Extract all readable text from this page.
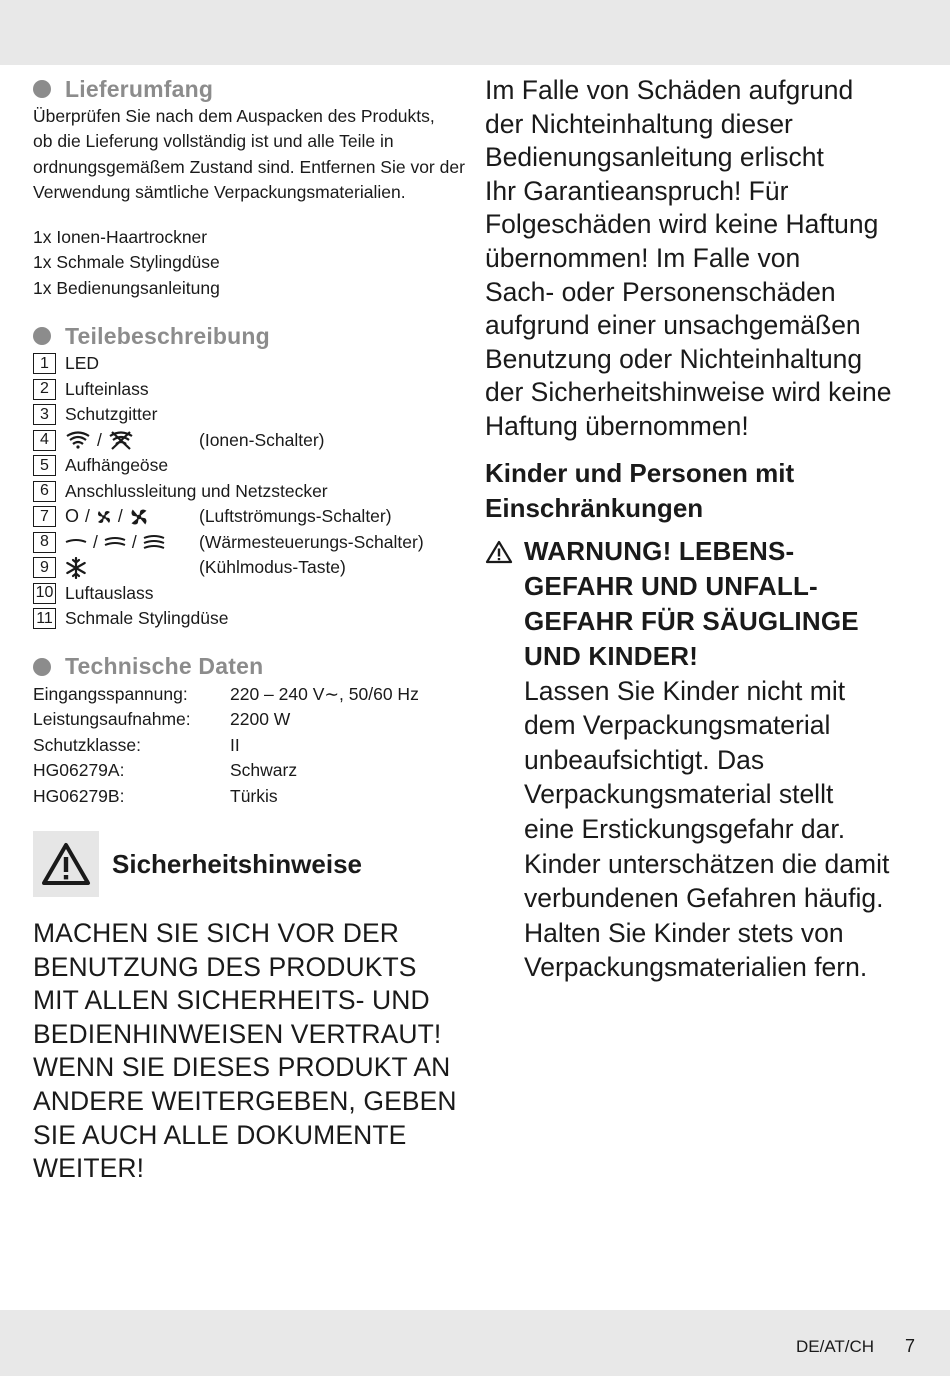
Lieferumfang
Überprüfen Sie nach dem Auspacken des Produkts,
ob die Lieferung vollständig ist und alle Teile in
ordnungsgemäßem Zustand sind. Entfernen Sie vor der
Verwendung sämtliche Verpackungsmaterialien.
1x Ionen-Haartrockner
1x Schmale Stylingdüse
1x Bedienungsanleitung
Teilebeschreibung
1 LED
2 Lufteinlass
3 Schutzgitter
4	/	(Ionen-Schalter)
5 Aufhängeöse
6 Anschlussleitung und Netzstecker
7 O / /	(Luftströmungs-Schalter)
8	/ /	(Wärmesteuerungs-Schalter)
9	(Kühlmodus-Taste)
10 Luftauslass
11 Schmale Stylingdüse
Technische Daten
Eingangsspannung:	220 – 240 V∼, 50/60 Hz
Leistungsaufnahme:	2200 W
Schutzklasse:	II
HG06279A:	Schwarz
HG06279B:	Türkis
Sicherheitshinweise
MACHEN SIE SICH VOR DER
BENUTZUNG DES PRODUKTS
MIT ALLEN SICHERHEITS- UND
BEDIENHINWEISEN VERTRAUT!
WENN SIE DIESES PRODUKT AN
ANDERE WEITERGEBEN, GEBEN
SIE AUCH ALLE DOKUMENTE
WEITER!
Im Falle von Schäden aufgrund
der Nichteinhaltung dieser
Bedienungsanleitung erlischt
Ihr Garantieanspruch! Für
Folgeschäden wird keine Haftung
übernommen! Im Falle von
Sach- oder Personenschäden
aufgrund einer unsachgemäßen
Benutzung oder Nichteinhaltung
der Sicherheitshinweise wird keine
Haftung übernommen!
Kinder und Personen mit
Einschränkungen
WARNUNG! LEBENS-
GEFAHR UND UNFALL-
GEFAHR FÜR SÄUGLINGE
UND KINDER!
Lassen Sie Kinder nicht mit
dem Verpackungsmaterial
unbeaufsichtigt. Das
Verpackungsmaterial stellt
eine Erstickungsgefahr dar.
Kinder unterschätzen die damit
verbundenen Gefahren häufig.
Halten Sie Kinder stets von
Verpackungsmaterialien fern.
DE/AT/CH 7
